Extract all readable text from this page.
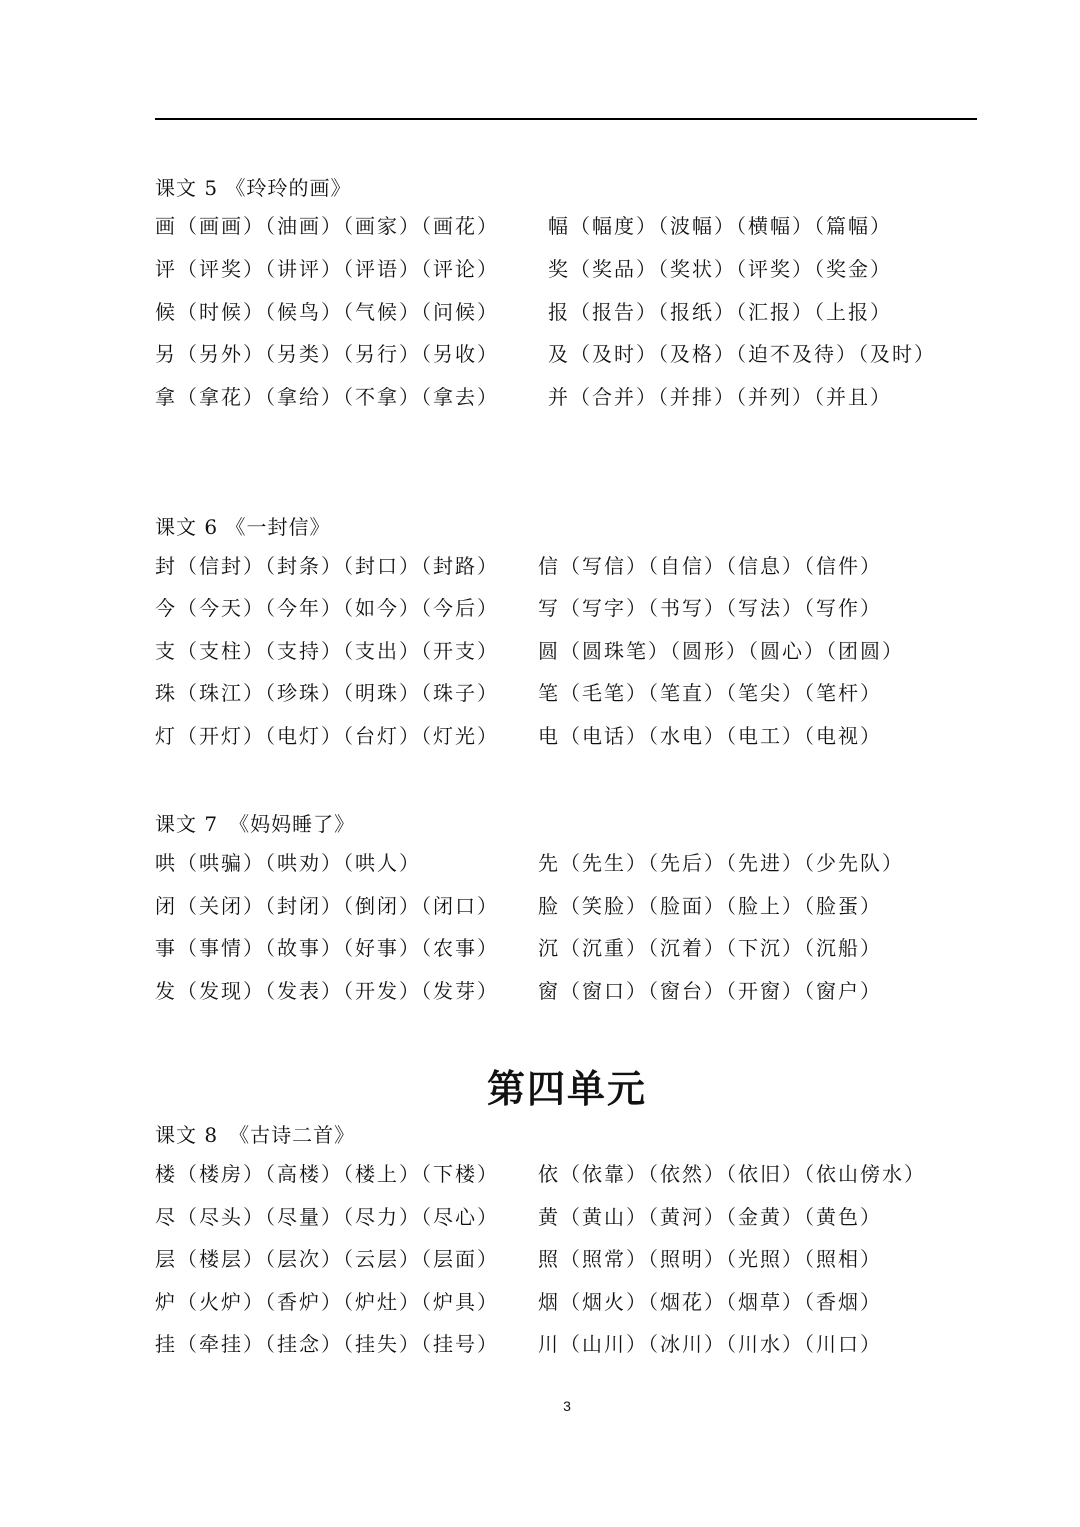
课文 5 《玲玲的画》
画（画画）（油画）（画家）（画花）
评（评奖）（讲评）（评语）（评论）
候（时候）（候鸟）（气候）（问候）
另（另外）（另类）（另行）（另收）
拿（拿花）（拿给）（不拿）（拿去）
幅（幅度）（波幅）（横幅）（篇幅）
奖（奖品）（奖状）（评奖）（奖金）
报（报告）（报纸）（汇报）（上报）
及（及时）（及格）（迫不及待）（及时）
并（合并）（并排）（并列）（并且）
课文 6 《一封信》
封（信封）（封条）（封口）（封路）
今（今天）（今年）（如今）（今后）
支（支柱）（支持）（支出）（开支）
珠（珠江）（珍珠）（明珠）（珠子）
灯（开灯）（电灯）（台灯）（灯光）
信（写信）（自信）（信息）（信件）
写（写字）（书写）（写法）（写作）
圆（圆珠笔）（圆形）（圆心）（团圆）
笔（毛笔）（笔直）（笔尖）（笔杆）
电（电话）（水电）（电工）（电视）
课文 7　《妈妈睡了》
哄（哄骗）（哄劝）（哄人）
闭（关闭）（封闭）（倒闭）（闭口）
事（事情）（故事）（好事）（农事）
发（发现）（发表）（开发）（发芽）
先（先生）（先后）（先进）（少先队）
脸（笑脸）（脸面）（脸上）（脸蛋）
沉（沉重）（沉着）（下沉）（沉船）
窗（窗口）（窗台）（开窗）（窗户）
第四单元
课文 8　《古诗二首》
楼（楼房）（高楼）（楼上）（下楼）
尽（尽头）（尽量）（尽力）（尽心）
层（楼层）（层次）（云层）（层面）
炉（火炉）（香炉）（炉灶）（炉具）
挂（牵挂）（挂念）（挂失）（挂号）
依（依靠）（依然）（依旧）（依山傍水）
黄（黄山）（黄河）（金黄）（黄色）
照（照常）（照明）（光照）（照相）
烟（烟火）（烟花）（烟草）（香烟）
川（山川）（冰川）（川水）（川口）
3
